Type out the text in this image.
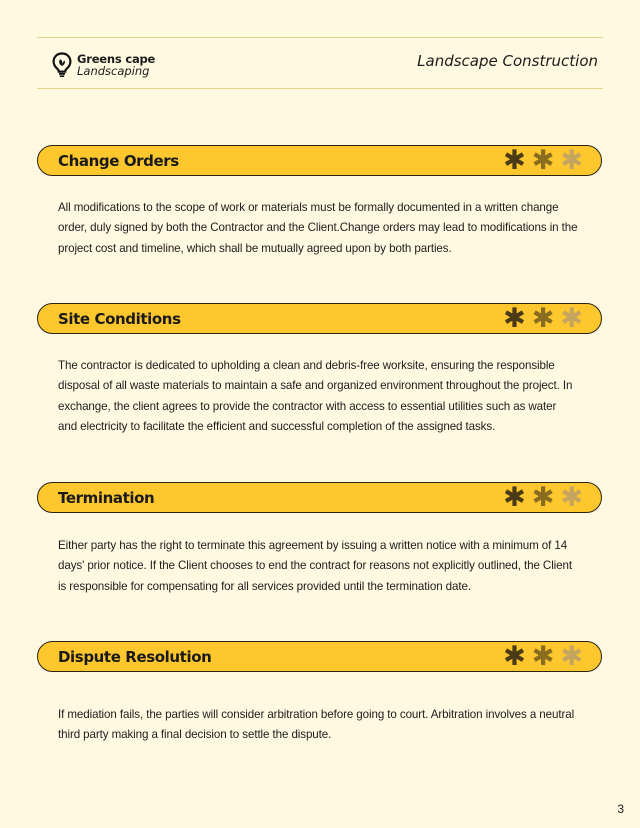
Greens cape
Landscaping
Landscape Construction
Change Orders	✱ ✱ ✱
All modifications to the scope of work or materials must be formally documented in a written change order, duly signed by both the Contractor and the Client.Change orders may lead to modifications in the project cost and timeline, which shall be mutually agreed upon by both parties.
Site Conditions	✱ ✱ ✱
The contractor is dedicated to upholding a clean and debris-free worksite, ensuring the responsible disposal of all waste materials to maintain a safe and organized environment throughout the project. In exchange, the client agrees to provide the contractor with access to essential utilities such as water and electricity to facilitate the efficient and successful completion of the assigned tasks.
Termination	✱ ✱ ✱
Either party has the right to terminate this agreement by issuing a written notice with a minimum of 14 days' prior notice. If the Client chooses to end the contract for reasons not explicitly outlined, the Client is responsible for compensating for all services provided until the termination date.
Dispute Resolution	✱ ✱ ✱
If mediation fails, the parties will consider arbitration before going to court. Arbitration involves a neutral third party making a final decision to settle the dispute.
3
